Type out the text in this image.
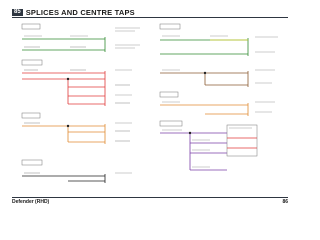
85 SPLICES AND CENTRE TAPS
Defender (RHD)	86
